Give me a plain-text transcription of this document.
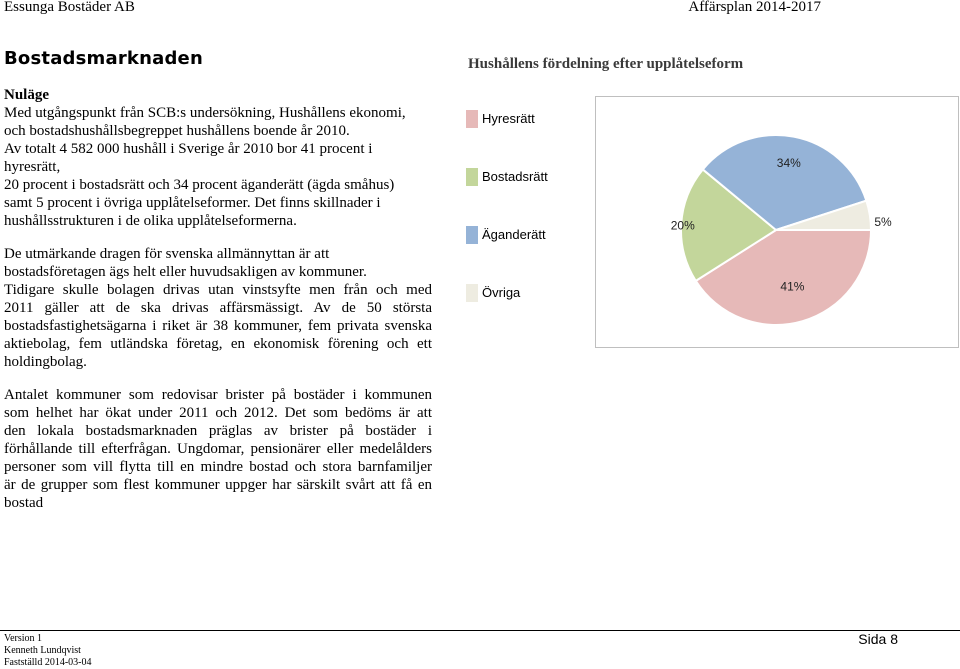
Essunga Bostäder AB	Affärsplan 2014-2017
Bostadsmarknaden
Nuläge
Med utgångspunkt från SCB:s undersökning, Hushållens ekonomi,
och bostadshushållsbegreppet hushållens boende år 2010.
Av totalt 4 582 000 hushåll i Sverige år 2010 bor 41 procent i
hyresrätt,
20 procent i bostadsrätt och 34 procent äganderätt (ägda småhus)
samt 5 procent i övriga upplåtelseformer. Det finns skillnader i
hushållsstrukturen i de olika upplåtelseformerna.
De utmärkande dragen för svenska allmännyttan är att
bostadsföretagen ägs helt eller huvudsakligen av kommuner.
Tidigare skulle bolagen drivas utan vinstsyfte men från och med
2011 gäller att de ska drivas affärsmässigt. Av de 50 största
bostadsfastighetsägarna i riket är 38 kommuner, fem privata svenska
aktiebolag, fem utländska företag, en ekonomisk förening och ett
holdingbolag.
Antalet kommuner som redovisar brister på bostäder i kommunen
som helhet har ökat under 2011 och 2012. Det som bedöms är att
den lokala bostadsmarknaden präglas av brister på bostäder i
förhållande till efterfrågan. Ungdomar, pensionärer eller medelålders
personer som vill flytta till en mindre bostad och stora barnfamiljer
är de grupper som flest kommuner uppger har särskilt svårt att få en
bostad
Hushållens fördelning efter upplåtelseform
Hyresrätt
Bostadsrätt
Äganderätt
Övriga	41%
20%
34%
5%
Version 1
Kenneth Lundqvist
Fastställd 2014-03-04
Sida 8
